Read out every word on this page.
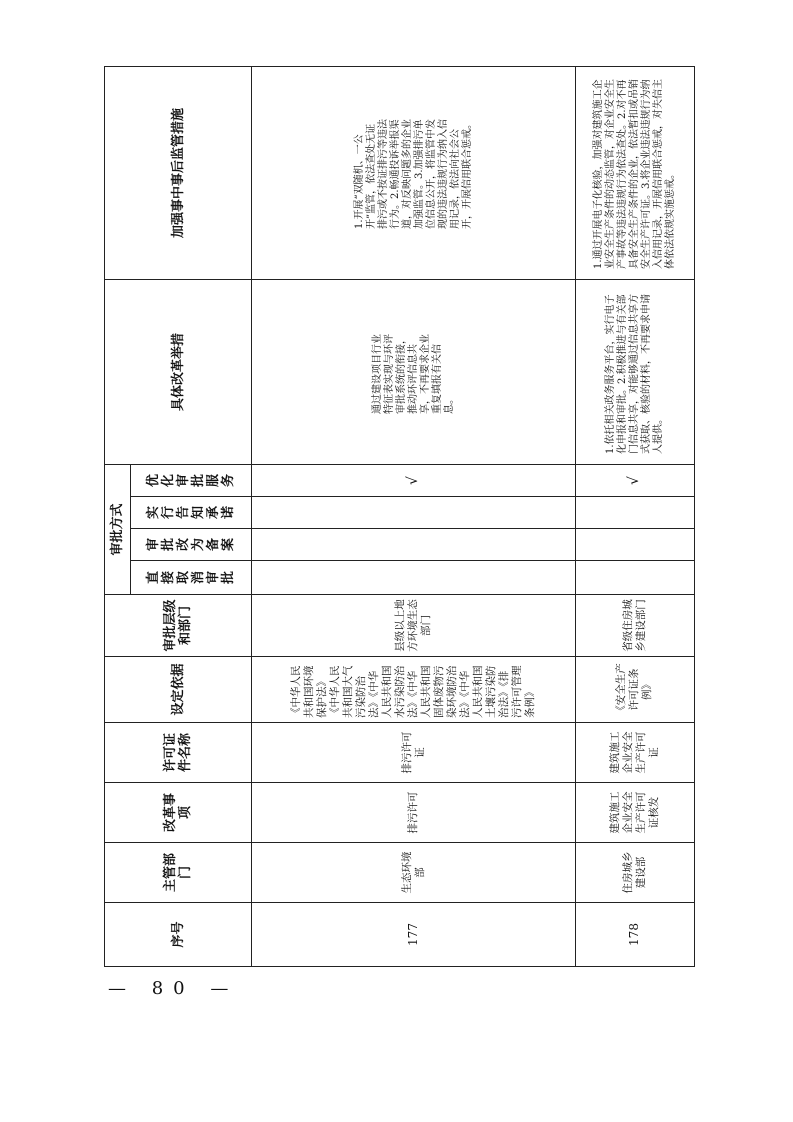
序号	主管部门	改革事项	许可证件名称	设定依据	审批层级和部门	审批方式				具体改革举措	加强事中事后监管措施
						直接取消审批	审批改为备案	实行告知承诺	优化审批服务		
177	生态环境部	排污许可	排污许可证	《中华人民共和国环境保护法》《中华人民共和国大气污染防治法》《中华人民共和国水污染防治法》《中华人民共和国固体废物污染环境防治法》《中华人民共和国土壤污染防治法》《排污许可管理条例》	县级以上地方环境生态部门				√	通过建设项目行业特征表实现与环评审批系统的衔接，推动环评信息共享，不再要求企业重复填报有关信息。	1.开展“双随机、一公开”监管，依法查处无证排污或不按证排污等违法行为。2.畅通投诉举报渠道，对反映问题多的企业加强监管。3.加强排污单位信息公开，将监管中发现的违法违规行为纳入信用记录，依法向社会公开，开展信用联合惩戒。
178	住房城乡建设部	建筑施工企业安全生产许可证核发	建筑施工企业安全生产许可证	《安全生产许可证条例》	省级住房城乡建设部门				√	1.依托相关政务服务平台，实行电子化申报和审批。2.积极推进与有关部门信息共享，对能够通过信息共享方式获取、核验的材料，不再要求申请人提供。	1.通过开展电子化核验，加强对建筑施工企业安全生产条件的动态监管，对企业安全生产事故等违法违规行为依法查处。2.对不再具备安全生产条件的企业，依法暂扣或吊销安全生产许可证。3.将企业违法违规行为纳入信用记录，开展信用联合惩戒，对失信主体依法依规实施惩戒。
— 80 —
